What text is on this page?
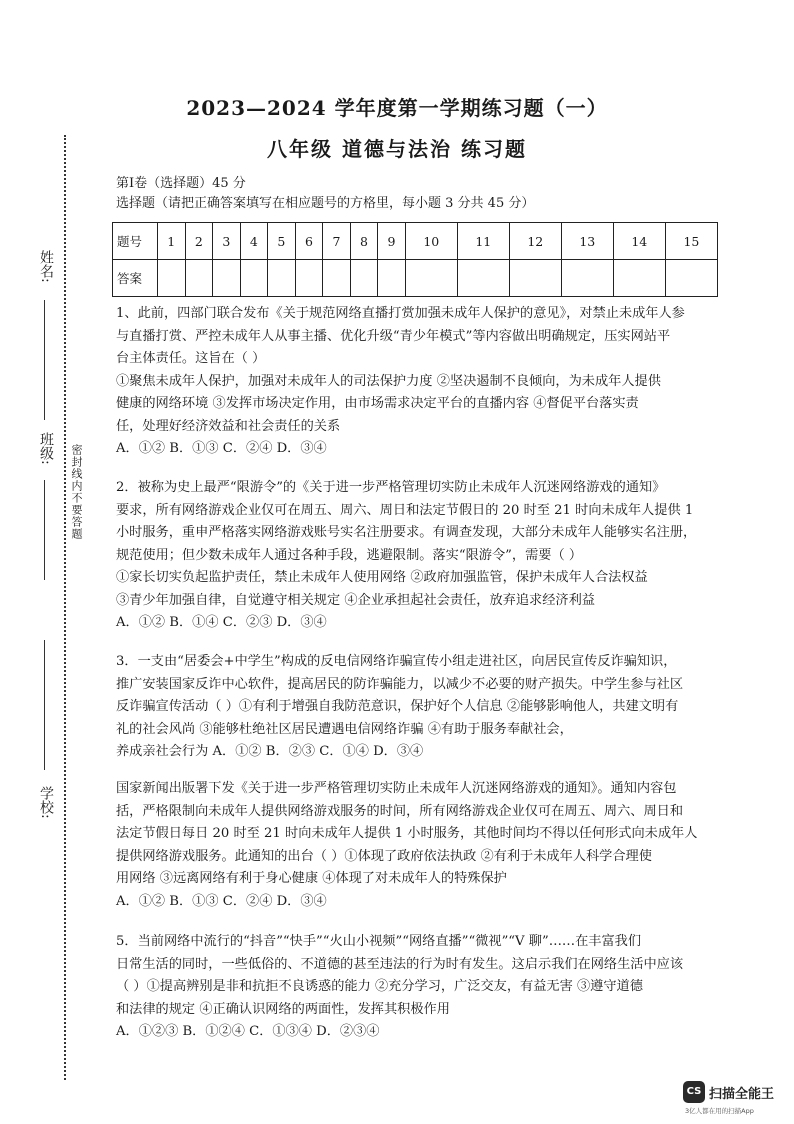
姓名:
班级: 密封线内不要答题
学校:
2023—2024 学年度第一学期练习题（一）
八年级 道德与法治 练习题
第Ⅰ卷（选择题）45 分
选择题（请把正确答案填写在相应题号的方格里，每小题 3 分共 45 分）
题号	1	2	3	4	5	6	7	8	9	10	11	12	13	14	15
答案															

1、此前，四部门联合发布《关于规范网络直播打赏加强未成年人保护的意见》，对禁止未成年人参

与直播打赏、严控未成年人从事主播、优化升级“青少年模式”等内容做出明确规定，压实网站平

台主体责任。这旨在（ ）

①聚焦未成年人保护，加强对未成年人的司法保护力度 ②坚决遏制不良倾向，为未成年人提供

健康的网络环境 ③发挥市场决定作用，由市场需求决定平台的直播内容 ④督促平台落实责

任，处理好经济效益和社会责任的关系

A．①② B．①③ C．②④ D．③④

2．被称为史上最严“限游令”的《关于进一步严格管理切实防止未成年人沉迷网络游戏的通知》

要求，所有网络游戏企业仅可在周五、周六、周日和法定节假日的 20 时至 21 时向未成年人提供 1

小时服务，重申严格落实网络游戏账号实名注册要求。有调查发现，大部分未成年人能够实名注册，

规范使用；但少数未成年人通过各种手段，逃避限制。落实“限游令”，需要（ ）

①家长切实负起监护责任，禁止未成年人使用网络 ②政府加强监管，保护未成年人合法权益

③青少年加强自律，自觉遵守相关规定 ④企业承担起社会责任，放弃追求经济利益

A．①② B．①④ C．②③ D．③④

3．一支由“居委会+中学生”构成的反电信网络诈骗宣传小组走进社区，向居民宣传反诈骗知识，

推广安装国家反诈中心软件，提高居民的防诈骗能力，以减少不必要的财产损失。中学生参与社区

反诈骗宣传活动（ ）①有利于增强自我防范意识，保护好个人信息 ②能够影响他人，共建文明有

礼的社会风尚 ③能够杜绝社区居民遭遇电信网络诈骗 ④有助于服务奉献社会，

养成亲社会行为 A．①② B．②③ C．①④ D．③④

国家新闻出版署下发《关于进一步严格管理切实防止未成年人沉迷网络游戏的通知》。通知内容包

括，严格限制向未成年人提供网络游戏服务的时间，所有网络游戏企业仅可在周五、周六、周日和

法定节假日每日 20 时至 21 时向未成年人提供 1 小时服务，其他时间均不得以任何形式向未成年人

提供网络游戏服务。此通知的出台（ ）①体现了政府依法执政 ②有利于未成年人科学合理使

用网络 ③远离网络有利于身心健康 ④体现了对未成年人的特殊保护

A．①② B．①③ C．②④ D．③④

5．当前网络中流行的“抖音”“快手”“火山小视频”“网络直播”“微视”“V 聊”……在丰富我们

日常生活的同时，一些低俗的、不道德的甚至违法的行为时有发生。这启示我们在网络生活中应该

（ ）①提高辨别是非和抗拒不良诱惑的能力 ②充分学习，广泛交友，有益无害 ③遵守道德

和法律的规定 ④正确认识网络的两面性，发挥其积极作用

A．①②③ B．①②④ C．①③④ D．②③④

CS 扫描全能王
3亿人都在用的扫描App
